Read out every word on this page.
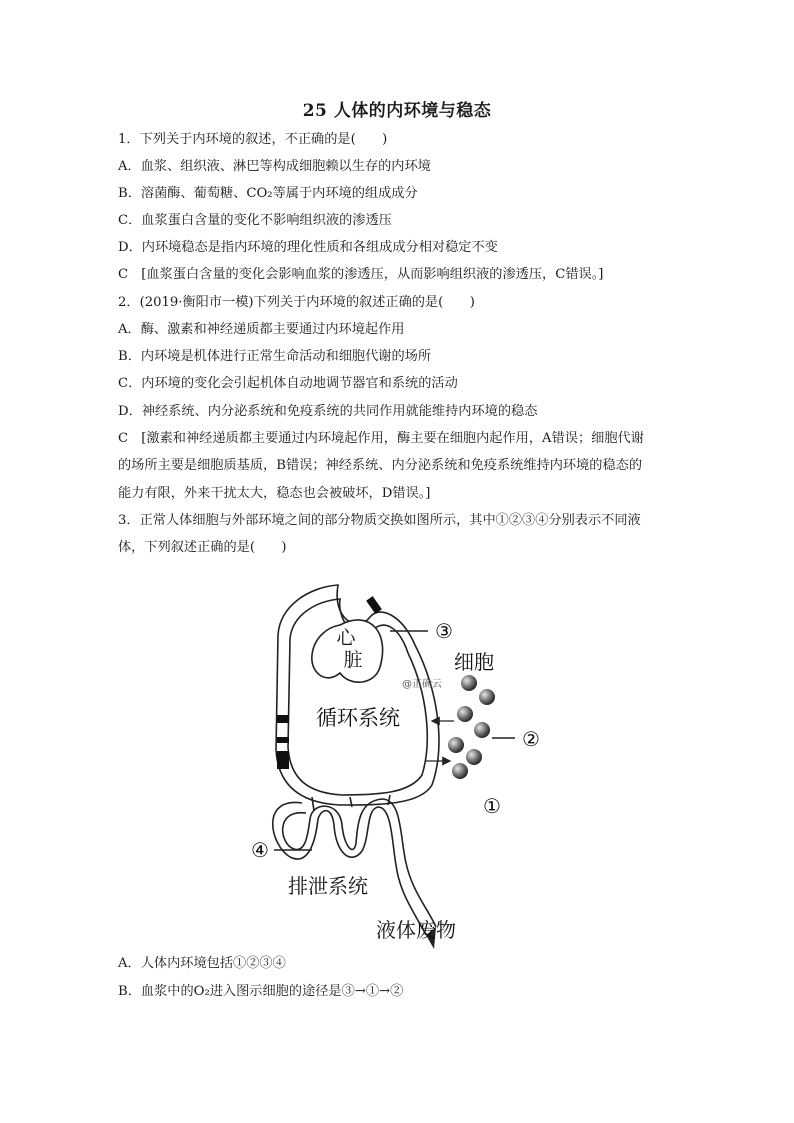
25 人体的内环境与稳态
1．下列关于内环境的叙述，不正确的是(　　)
A．血浆、组织液、淋巴等构成细胞赖以生存的内环境
B．溶菌酶、葡萄糖、CO₂等属于内环境的组成成分
C．血浆蛋白含量的变化不影响组织液的渗透压
D．内环境稳态是指内环境的理化性质和各组成成分相对稳定不变
C　[血浆蛋白含量的变化会影响血浆的渗透压，从而影响组织液的渗透压，C错误。]
2．(2019·衡阳市一模)下列关于内环境的叙述正确的是(　　)
A．酶、激素和神经递质都主要通过内环境起作用
B．内环境是机体进行正常生命活动和细胞代谢的场所
C．内环境的变化会引起机体自动地调节器官和系统的活动
D．神经系统、内分泌系统和免疫系统的共同作用就能维持内环境的稳态
C　[激素和神经递质都主要通过内环境起作用，酶主要在细胞内起作用，A错误；细胞代谢
的场所主要是细胞质基质，B错误；神经系统、内分泌系统和免疫系统维持内环境的稳态的
能力有限，外来干扰太大，稳态也会被破坏，D错误。]
3．正常人体细胞与外部环境之间的部分物质交换如图所示，其中①②③④分别表示不同液
体，下列叙述正确的是(　　)
心
脏
③
细胞
@正确云
循环系统
②
①
④
排泄系统
液体废物
A．人体内环境包括①②③④
B．血浆中的O₂进入图示细胞的途径是③→①→②
